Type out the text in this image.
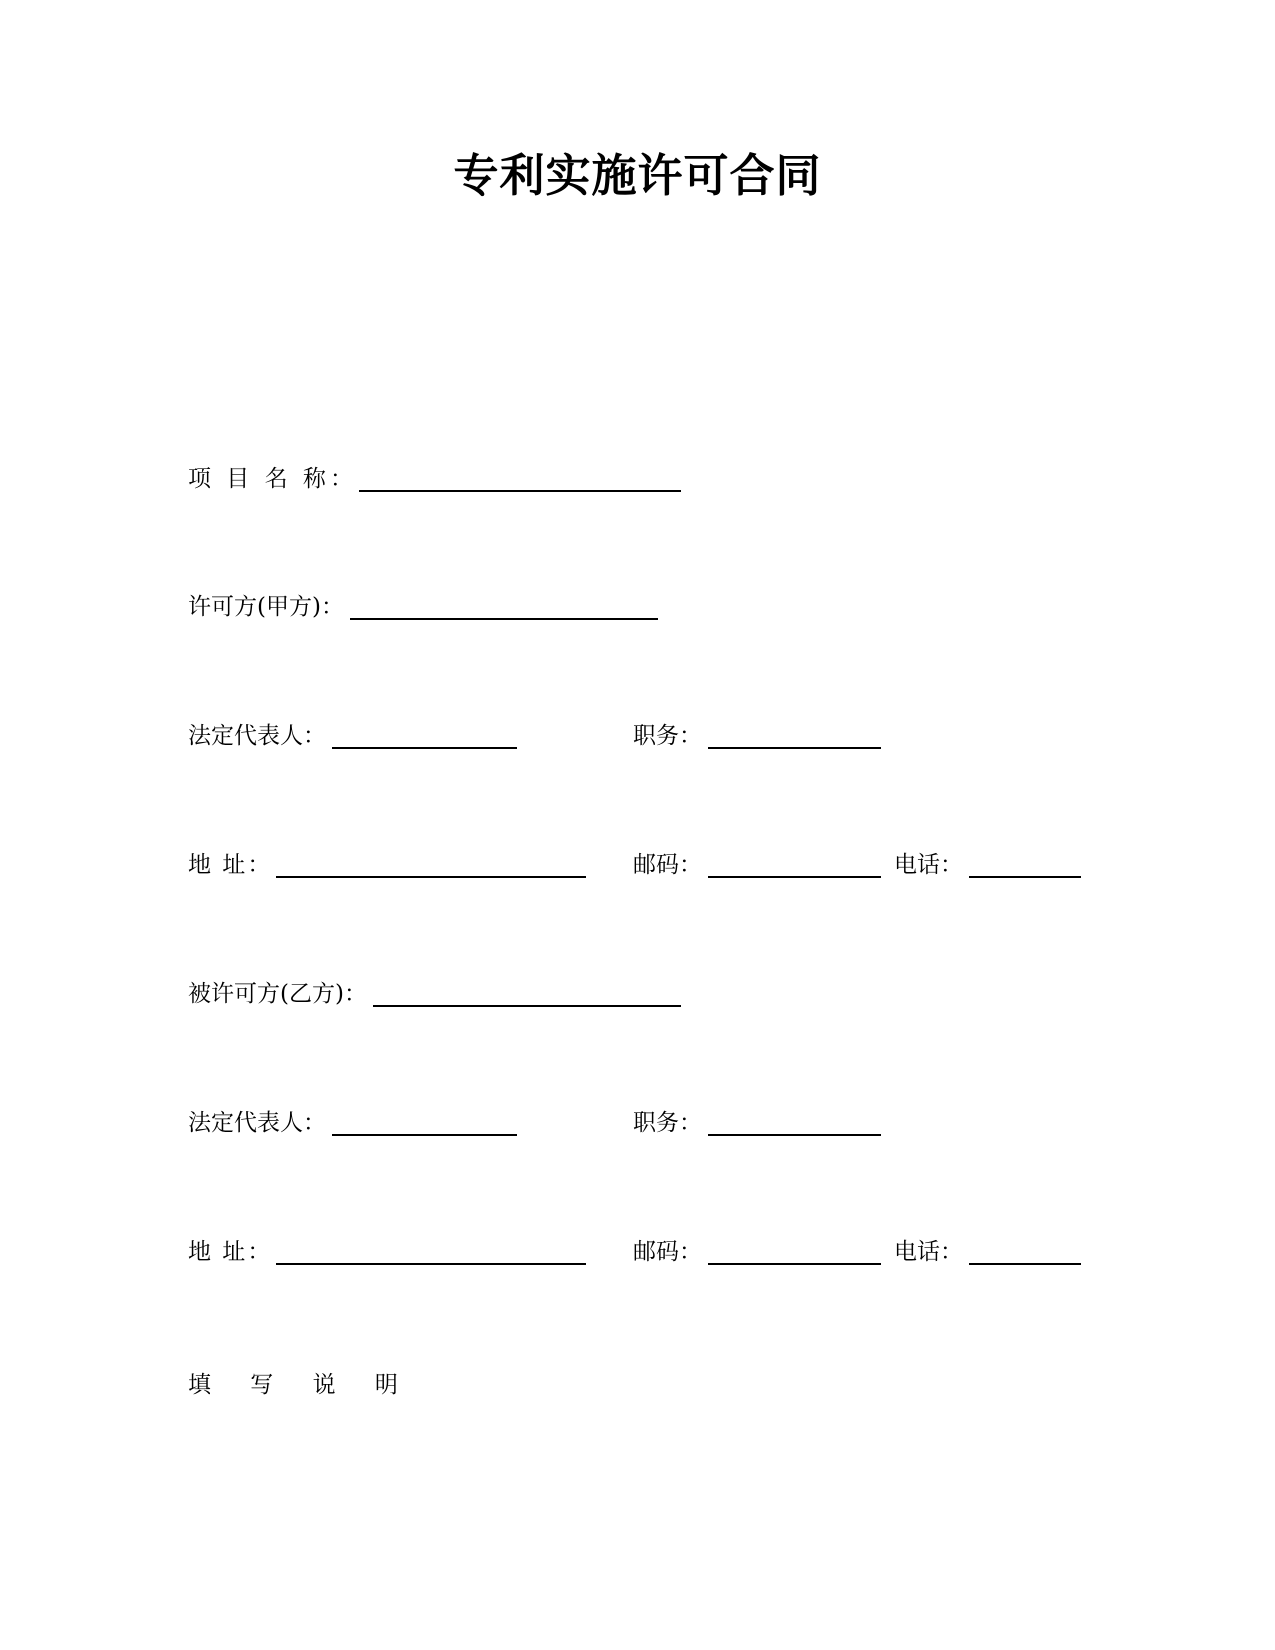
专利实施许可合同
项 目 名 称 ：
许可方(甲方) ：
法定代表人 ：	职务 ：
地 址 ：	邮码 ：	电话 ：
被许可方(乙方) ：
法定代表人 ：	职务 ：
地 址 ：	邮码 ：	电话 ：
填 写 说 明
